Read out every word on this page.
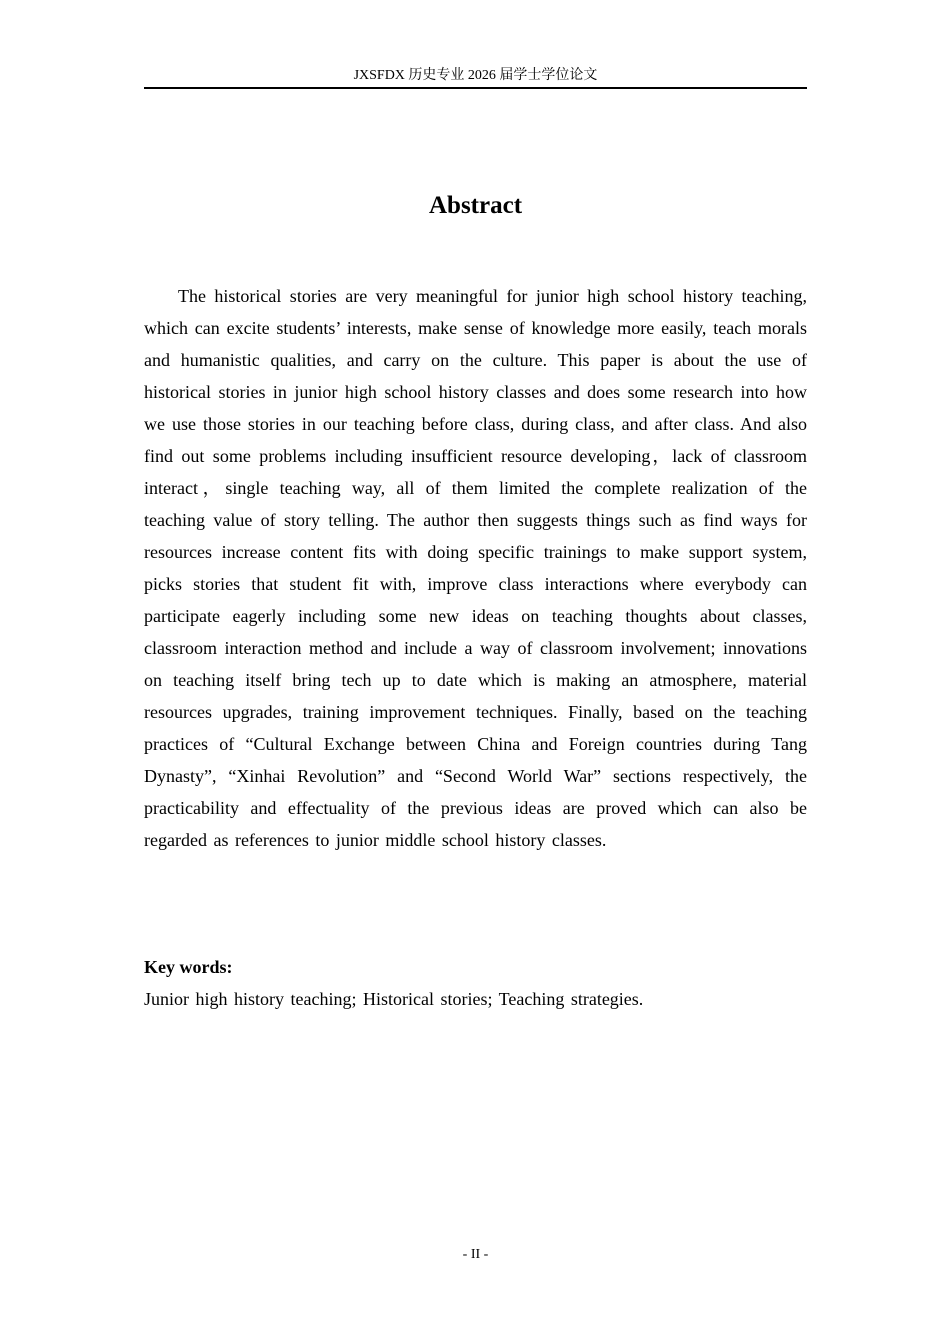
JXSFDX 历史专业 2026 届学士学位论文
Abstract

The historical stories are very meaningful for junior high school history teaching, which can excite students’ interests, make sense of knowledge more easily, teach morals and humanistic qualities, and carry on the culture. This paper is about the use of historical stories in junior high school history classes and does some research into how we use those stories in our teaching before class, during class, and after class. And also find out some problems including insufficient resource developing，lack of classroom interact，single teaching way, all of them limited the complete realization of the teaching value of story telling. The author then suggests things such as find ways for resources increase content fits with doing specific trainings to make support system, picks stories that student fit with, improve class interactions where everybody can participate eagerly including some new ideas on teaching thoughts about classes, classroom interaction method and include a way of classroom involvement; innovations on teaching itself bring tech up to date which is making an atmosphere, material resources upgrades, training improvement techniques. Finally, based on the teaching practices of “Cultural Exchange between China and Foreign countries during Tang Dynasty”, “Xinhai Revolution” and “Second World War” sections respectively, the practicability and effectuality of the previous ideas are proved which can also be regarded as references to junior middle school history classes.

Key words:
Junior high history teaching; Historical stories; Teaching strategies.
- II -
